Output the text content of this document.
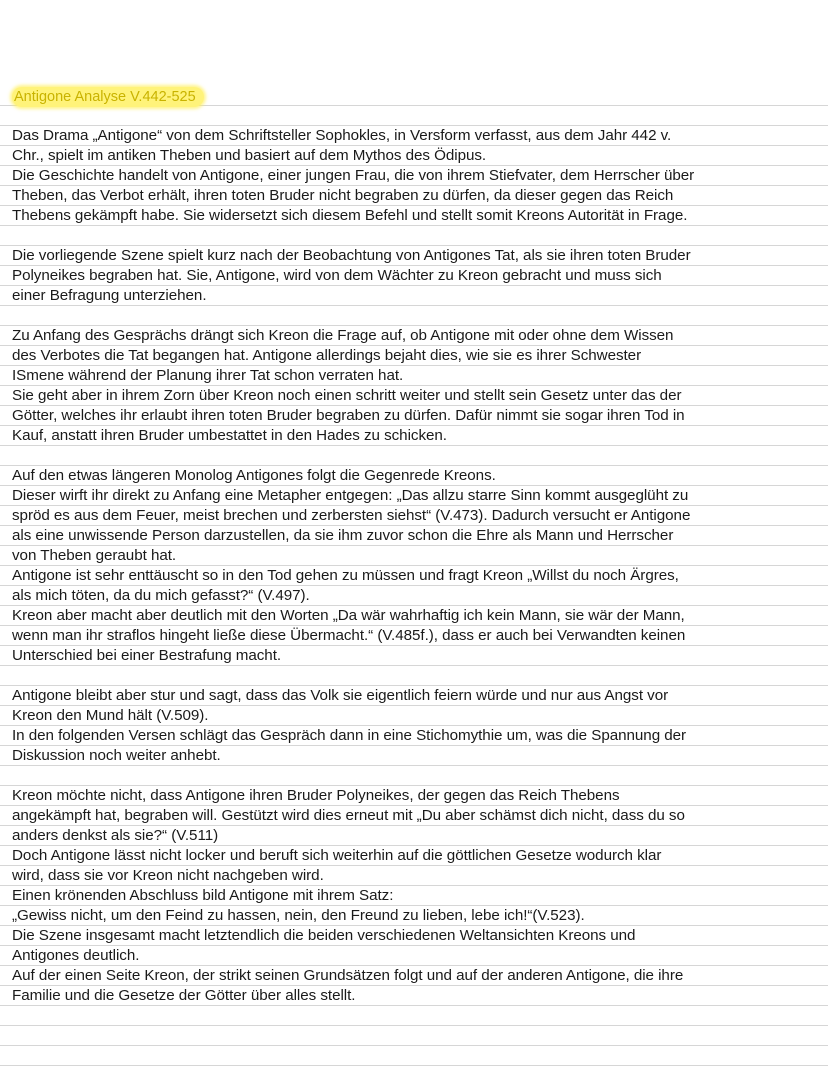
Antigone Analyse V.442-525
Das Drama „Antigone“ von dem Schriftsteller Sophokles, in Versform verfasst, aus dem Jahr 442 v.
Chr., spielt im antiken Theben und basiert auf dem Mythos des Ödipus.
Die Geschichte handelt von Antigone, einer jungen Frau, die von ihrem Stiefvater, dem Herrscher über
Theben, das Verbot erhält, ihren toten Bruder nicht begraben zu dürfen, da dieser gegen das Reich
Thebens gekämpft habe. Sie widersetzt sich diesem Befehl und stellt somit Kreons Autorität in Frage.
Die vorliegende Szene spielt kurz nach der Beobachtung von Antigones Tat, als sie ihren toten Bruder
Polyneikes begraben hat. Sie, Antigone, wird von dem Wächter zu Kreon gebracht und muss sich
einer Befragung unterziehen.
Zu Anfang des Gesprächs drängt sich Kreon die Frage auf, ob Antigone mit oder ohne dem Wissen
des Verbotes die Tat begangen hat. Antigone allerdings bejaht dies, wie sie es ihrer Schwester
ISmene während der Planung ihrer Tat schon verraten hat.
Sie geht aber in ihrem Zorn über Kreon noch einen schritt weiter und stellt sein Gesetz unter das der
Götter, welches ihr erlaubt ihren toten Bruder begraben zu dürfen. Dafür nimmt sie sogar ihren Tod in
Kauf, anstatt ihren Bruder umbestattet in den Hades zu schicken.
Auf den etwas längeren Monolog Antigones folgt die Gegenrede Kreons.
Dieser wirft ihr direkt zu Anfang eine Metapher entgegen: „Das allzu starre Sinn kommt ausgeglüht zu
spröd es aus dem Feuer, meist brechen und zerbersten siehst“ (V.473). Dadurch versucht er Antigone
als eine unwissende Person darzustellen, da sie ihm zuvor schon die Ehre als Mann und Herrscher
von Theben geraubt hat.
Antigone ist sehr enttäuscht so in den Tod gehen zu müssen und fragt Kreon „Willst du noch Ärgres,
als mich töten, da du mich gefasst?“ (V.497).
Kreon aber macht aber deutlich mit den Worten „Da wär wahrhaftig ich kein Mann, sie wär der Mann,
wenn man ihr straflos hingeht ließe diese Übermacht.“ (V.485f.), dass er auch bei Verwandten keinen
Unterschied bei einer Bestrafung macht.
Antigone bleibt aber stur und sagt, dass das Volk sie eigentlich feiern würde und nur aus Angst vor
Kreon den Mund hält (V.509).
In den folgenden Versen schlägt das Gespräch dann in eine Stichomythie um, was die Spannung der
Diskussion noch weiter anhebt.
Kreon möchte nicht, dass Antigone ihren Bruder Polyneikes, der gegen das Reich Thebens
angekämpft hat, begraben will. Gestützt wird dies erneut mit „Du aber schämst dich nicht, dass du so
anders denkst als sie?“ (V.511)
Doch Antigone lässt nicht locker und beruft sich weiterhin auf die göttlichen Gesetze wodurch klar
wird, dass sie vor Kreon nicht nachgeben wird.
Einen krönenden Abschluss bild Antigone mit ihrem Satz:
„Gewiss nicht, um den Feind zu hassen, nein, den Freund zu lieben, lebe ich!“(V.523).
Die Szene insgesamt macht letztendlich die beiden verschiedenen Weltansichten Kreons und
Antigones deutlich.
Auf der einen Seite Kreon, der strikt seinen Grundsätzen folgt und auf der anderen Antigone, die ihre
Familie und die Gesetze der Götter über alles stellt.
